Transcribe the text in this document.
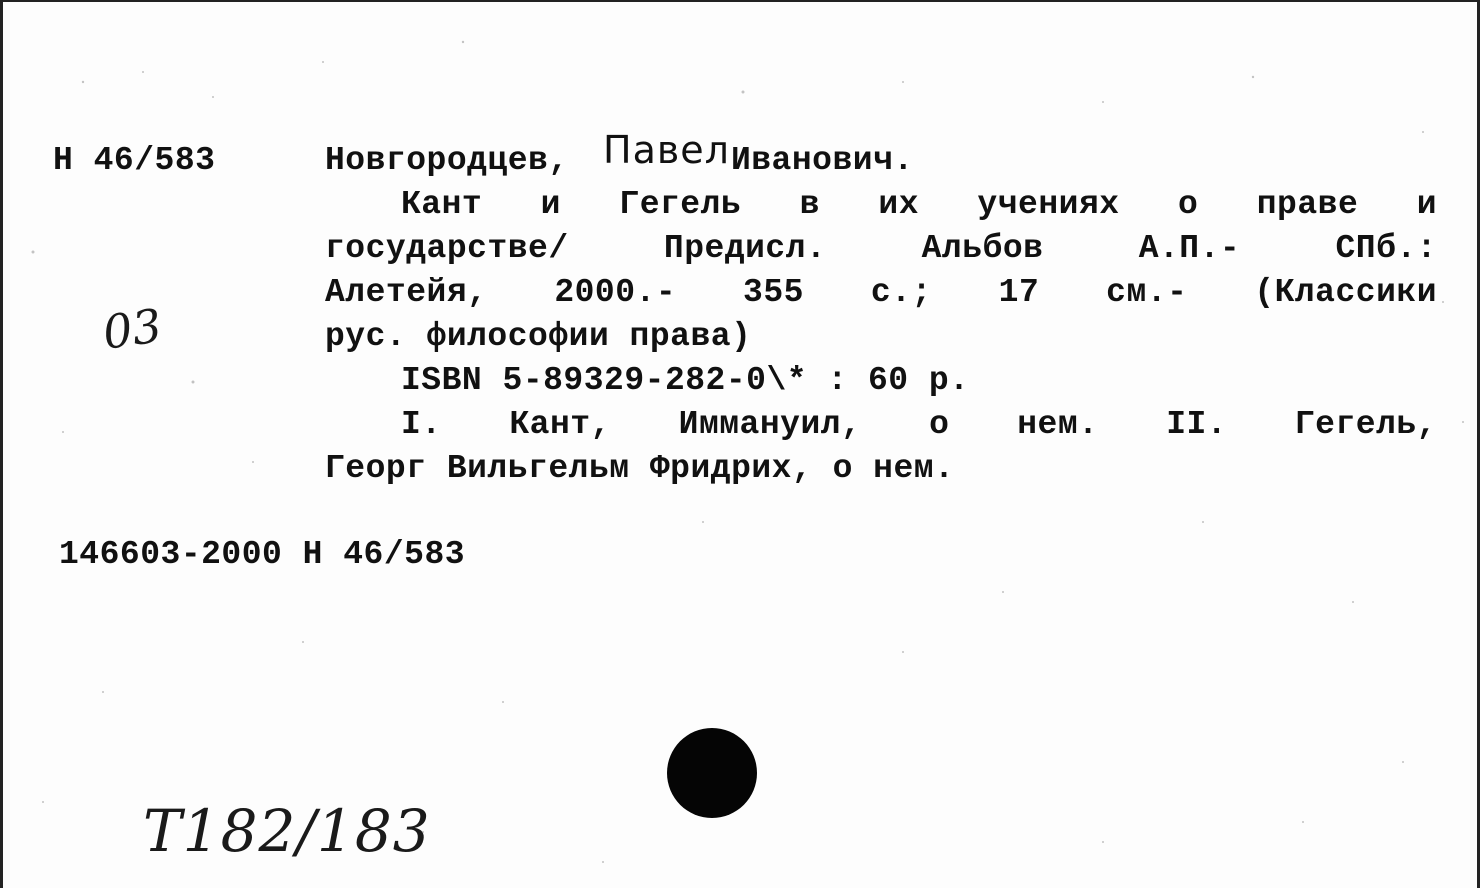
Н 46/583	Новгородцев,	Иванович.
Павел
Кант и Гегель в их учениях о праве и
государстве/ Предисл. Альбов А.П.- СПб.:
Алетейя, 2000.- 355 с.; 17 см.- (Классики
рус. философии права)
ISBN 5-89329-282-0\* : 60 р.
I. Кант, Иммануил, о нем. II. Гегель,
Георг Вильгельм Фридрих, о нем.
146603-2000 Н 46/583
03
Т182/183
